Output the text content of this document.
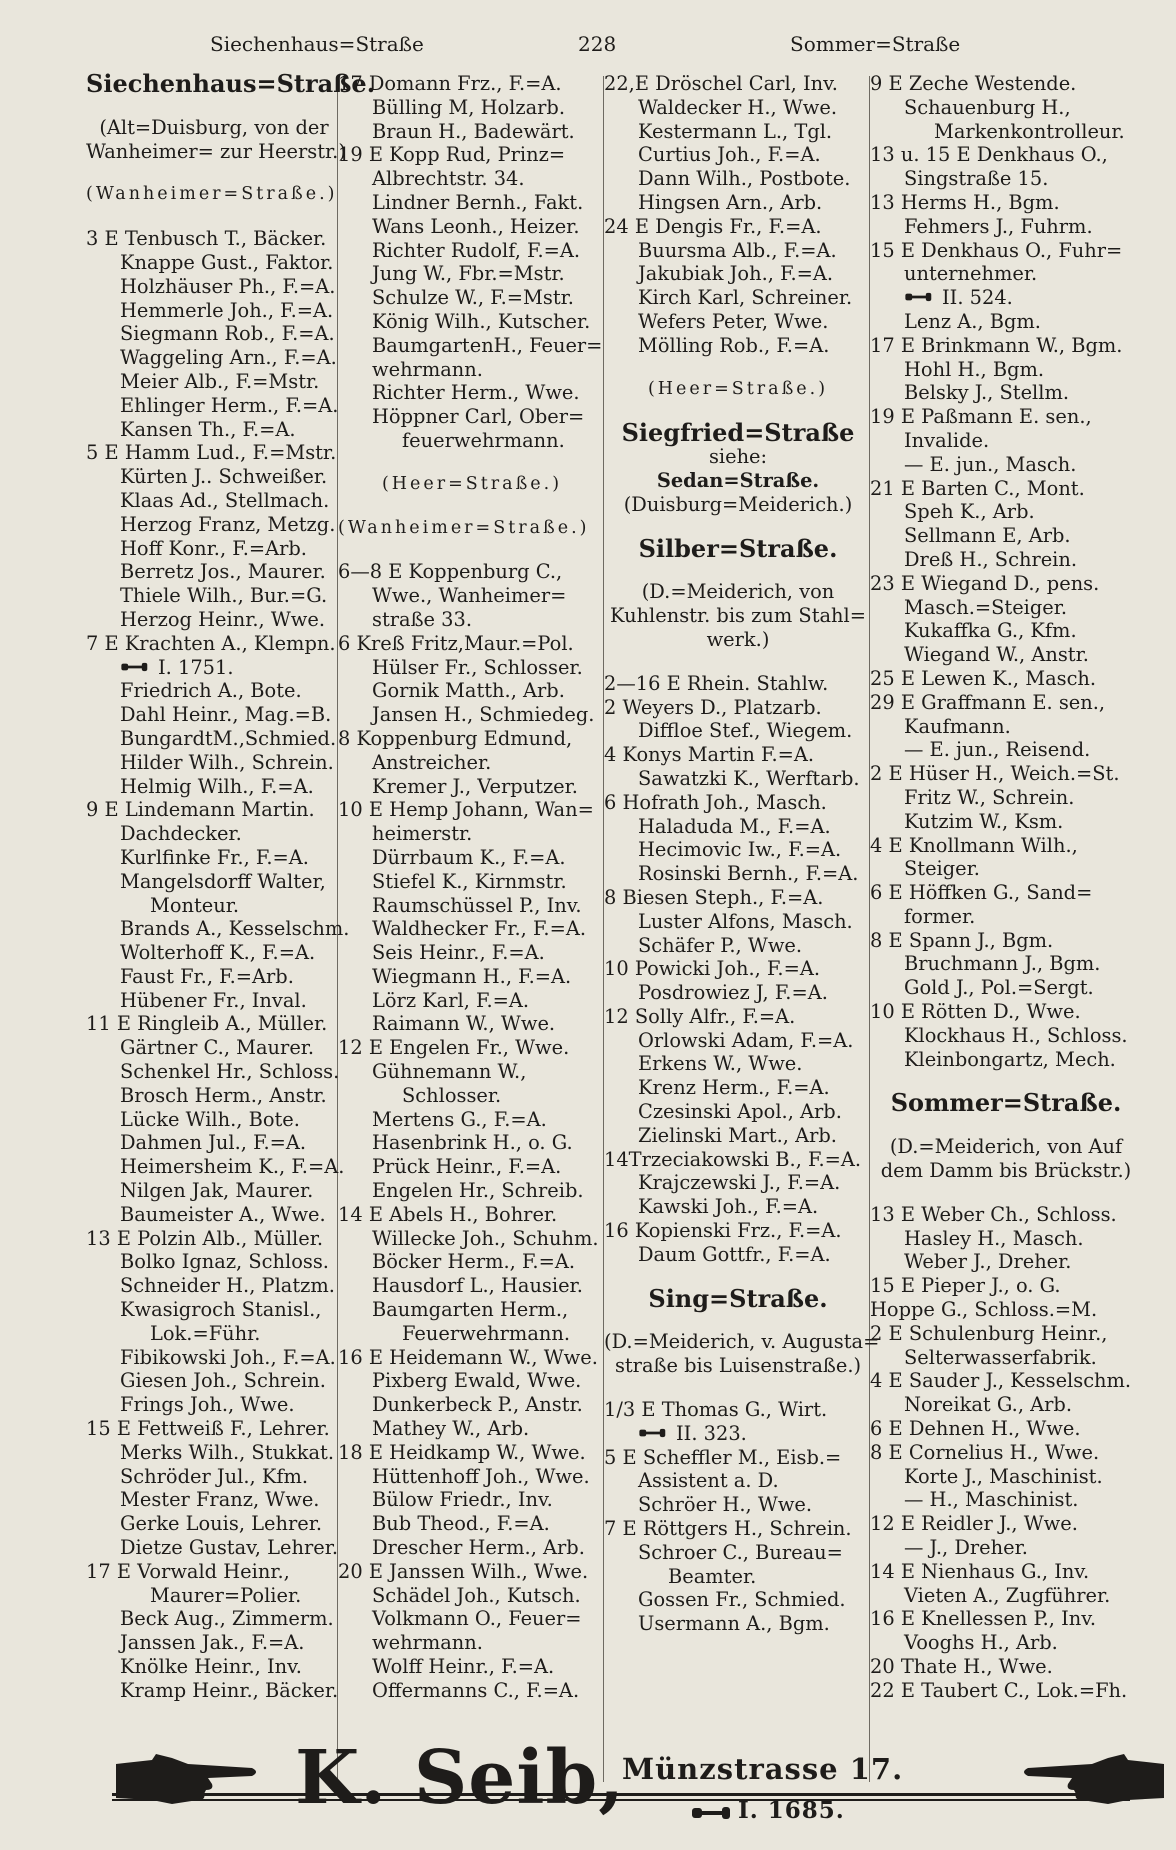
Siechenhaus=Straße	228	Sommer=Straße
Siechenhaus=Straße.
(Alt=Duisburg, von der
Wanheimer= zur Heerstr.)
(Wanheimer=Straße.)
3 E Tenbusch T., Bäcker.
Knappe Gust., Faktor.
Holzhäuser Ph., F.=A.
Hemmerle Joh., F.=A.
Siegmann Rob., F.=A.
Waggeling Arn., F.=A.
Meier Alb., F.=Mstr.
Ehlinger Herm., F.=A.
Kansen Th., F.=A.
5 E Hamm Lud., F.=Mstr.
Kürten J.. Schweißer.
Klaas Ad., Stellmach.
Herzog Franz, Metzg.
Hoff Konr., F.=Arb.
Berretz Jos., Maurer.
Thiele Wilh., Bur.=G.
Herzog Heinr., Wwe.
7 E Krachten A., Klempn.
I. 1751.
Friedrich A., Bote.
Dahl Heinr., Mag.=B.
BungardtM.,Schmied.
Hilder Wilh., Schrein.
Helmig Wilh., F.=A.
9 E Lindemann Martin.
Dachdecker.
Kurlfinke Fr., F.=A.
Mangelsdorff Walter,
Monteur.
Brands A., Kesselschm.
Wolterhoff K., F.=A.
Faust Fr., F.=Arb.
Hübener Fr., Inval.
11 E Ringleib A., Müller.
Gärtner C., Maurer.
Schenkel Hr., Schloss.
Brosch Herm., Anstr.
Lücke Wilh., Bote.
Dahmen Jul., F.=A.
Heimersheim K., F.=A.
Nilgen Jak, Maurer.
Baumeister A., Wwe.
13 E Polzin Alb., Müller.
Bolko Ignaz, Schloss.
Schneider H., Platzm.
Kwasigroch Stanisl.,
Lok.=Führ.
Fibikowski Joh., F.=A.
Giesen Joh., Schrein.
Frings Joh., Wwe.
15 E Fettweiß F., Lehrer.
Merks Wilh., Stukkat.
Schröder Jul., Kfm.
Mester Franz, Wwe.
Gerke Louis, Lehrer.
Dietze Gustav, Lehrer.
17 E Vorwald Heinr.,
Maurer=Polier.
Beck Aug., Zimmerm.
Janssen Jak., F.=A.
Knölke Heinr., Inv.
Kramp Heinr., Bäcker.
17 Domann Frz., F.=A.
Bülling M, Holzarb.
Braun H., Badewärt.
19 E Kopp Rud, Prinz=
Albrechtstr. 34.
Lindner Bernh., Fakt.
Wans Leonh., Heizer.
Richter Rudolf, F.=A.
Jung W., Fbr.=Mstr.
Schulze W., F.=Mstr.
König Wilh., Kutscher.
BaumgartenH., Feuer=
wehrmann.
Richter Herm., Wwe.
Höppner Carl, Ober=
feuerwehrmann.
(Heer=Straße.)
(Wanheimer=Straße.)
6—8 E Koppenburg C.,
Wwe., Wanheimer=
straße 33.
6 Kreß Fritz,Maur.=Pol.
Hülser Fr., Schlosser.
Gornik Matth., Arb.
Jansen H., Schmiedeg.
8 Koppenburg Edmund,
Anstreicher.
Kremer J., Verputzer.
10 E Hemp Johann, Wan=
heimerstr.
Dürrbaum K., F.=A.
Stiefel K., Kirnmstr.
Raumschüssel P., Inv.
Waldhecker Fr., F.=A.
Seis Heinr., F.=A.
Wiegmann H., F.=A.
Lörz Karl, F.=A.
Raimann W., Wwe.
12 E Engelen Fr., Wwe.
Gühnemann W.,
Schlosser.
Mertens G., F.=A.
Hasenbrink H., o. G.
Prück Heinr., F.=A.
Engelen Hr., Schreib.
14 E Abels H., Bohrer.
Willecke Joh., Schuhm.
Böcker Herm., F.=A.
Hausdorf L., Hausier.
Baumgarten Herm.,
Feuerwehrmann.
16 E Heidemann W., Wwe.
Pixberg Ewald, Wwe.
Dunkerbeck P., Anstr.
Mathey W., Arb.
18 E Heidkamp W., Wwe.
Hüttenhoff Joh., Wwe.
Bülow Friedr., Inv.
Bub Theod., F.=A.
Drescher Herm., Arb.
20 E Janssen Wilh., Wwe.
Schädel Joh., Kutsch.
Volkmann O., Feuer=
wehrmann.
Wolff Heinr., F.=A.
Offermanns C., F.=A.
22,E Dröschel Carl, Inv.
Waldecker H., Wwe.
Kestermann L., Tgl.
Curtius Joh., F.=A.
Dann Wilh., Postbote.
Hingsen Arn., Arb.
24 E Dengis Fr., F.=A.
Buursma Alb., F.=A.
Jakubiak Joh., F.=A.
Kirch Karl, Schreiner.
Wefers Peter, Wwe.
Mölling Rob., F.=A.
(Heer=Straße.)
Siegfried=Straße
siehe:
Sedan=Straße.
(Duisburg=Meiderich.)
Silber=Straße.
(D.=Meiderich, von
Kuhlenstr. bis zum Stahl=
werk.)
2—16 E Rhein. Stahlw.
2 Weyers D., Platzarb.
Diffloe Stef., Wiegem.
4 Konys Martin F.=A.
Sawatzki K., Werftarb.
6 Hofrath Joh., Masch.
Haladuda M., F.=A.
Hecimovic Iw., F.=A.
Rosinski Bernh., F.=A.
8 Biesen Steph., F.=A.
Luster Alfons, Masch.
Schäfer P., Wwe.
10 Powicki Joh., F.=A.
Posdrowiez J, F.=A.
12 Solly Alfr., F.=A.
Orlowski Adam, F.=A.
Erkens W., Wwe.
Krenz Herm., F.=A.
Czesinski Apol., Arb.
Zielinski Mart., Arb.
14Trzeciakowski B., F.=A.
Krajczewski J., F.=A.
Kawski Joh., F.=A.
16 Kopienski Frz., F.=A.
Daum Gottfr., F.=A.
Sing=Straße.
(D.=Meiderich, v. Augusta=
straße bis Luisenstraße.)
1/3 E Thomas G., Wirt.
II. 323.
5 E Scheffler M., Eisb.=
Assistent a. D.
Schröer H., Wwe.
7 E Röttgers H., Schrein.
Schroer C., Bureau=
Beamter.
Gossen Fr., Schmied.
Usermann A., Bgm.
9 E Zeche Westende.
Schauenburg H.,
Markenkontrolleur.
13 u. 15 E Denkhaus O.,
Singstraße 15.
13 Herms H., Bgm.
Fehmers J., Fuhrm.
15 E Denkhaus O., Fuhr=
unternehmer.
II. 524.
Lenz A., Bgm.
17 E Brinkmann W., Bgm.
Hohl H., Bgm.
Belsky J., Stellm.
19 E Paßmann E. sen.,
Invalide.
— E. jun., Masch.
21 E Barten C., Mont.
Speh K., Arb.
Sellmann E, Arb.
Dreß H., Schrein.
23 E Wiegand D., pens.
Masch.=Steiger.
Kukaffka G., Kfm.
Wiegand W., Anstr.
25 E Lewen K., Masch.
29 E Graffmann E. sen.,
Kaufmann.
— E. jun., Reisend.
2 E Hüser H., Weich.=St.
Fritz W., Schrein.
Kutzim W., Ksm.
4 E Knollmann Wilh.,
Steiger.
6 E Höffken G., Sand=
former.
8 E Spann J., Bgm.
Bruchmann J., Bgm.
Gold J., Pol.=Sergt.
10 E Rötten D., Wwe.
Klockhaus H., Schloss.
Kleinbongartz, Mech.
Sommer=Straße.
(D.=Meiderich, von Auf
dem Damm bis Brückstr.)
13 E Weber Ch., Schloss.
Hasley H., Masch.
Weber J., Dreher.
15 E Pieper J., o. G.
Hoppe G., Schloss.=M.
2 E Schulenburg Heinr.,
Selterwasserfabrik.
4 E Sauder J., Kesselschm.
Noreikat G., Arb.
6 E Dehnen H., Wwe.
8 E Cornelius H., Wwe.
Korte J., Maschinist.
— H., Maschinist.
12 E Reidler J., Wwe.
— J., Dreher.
14 E Nienhaus G., Inv.
Vieten A., Zugführer.
16 E Knellessen P., Inv.
Vooghs H., Arb.
20 Thate H., Wwe.
22 E Taubert C., Lok.=Fh.
K. Seib,
Münzstrasse 17.
I. 1685.
